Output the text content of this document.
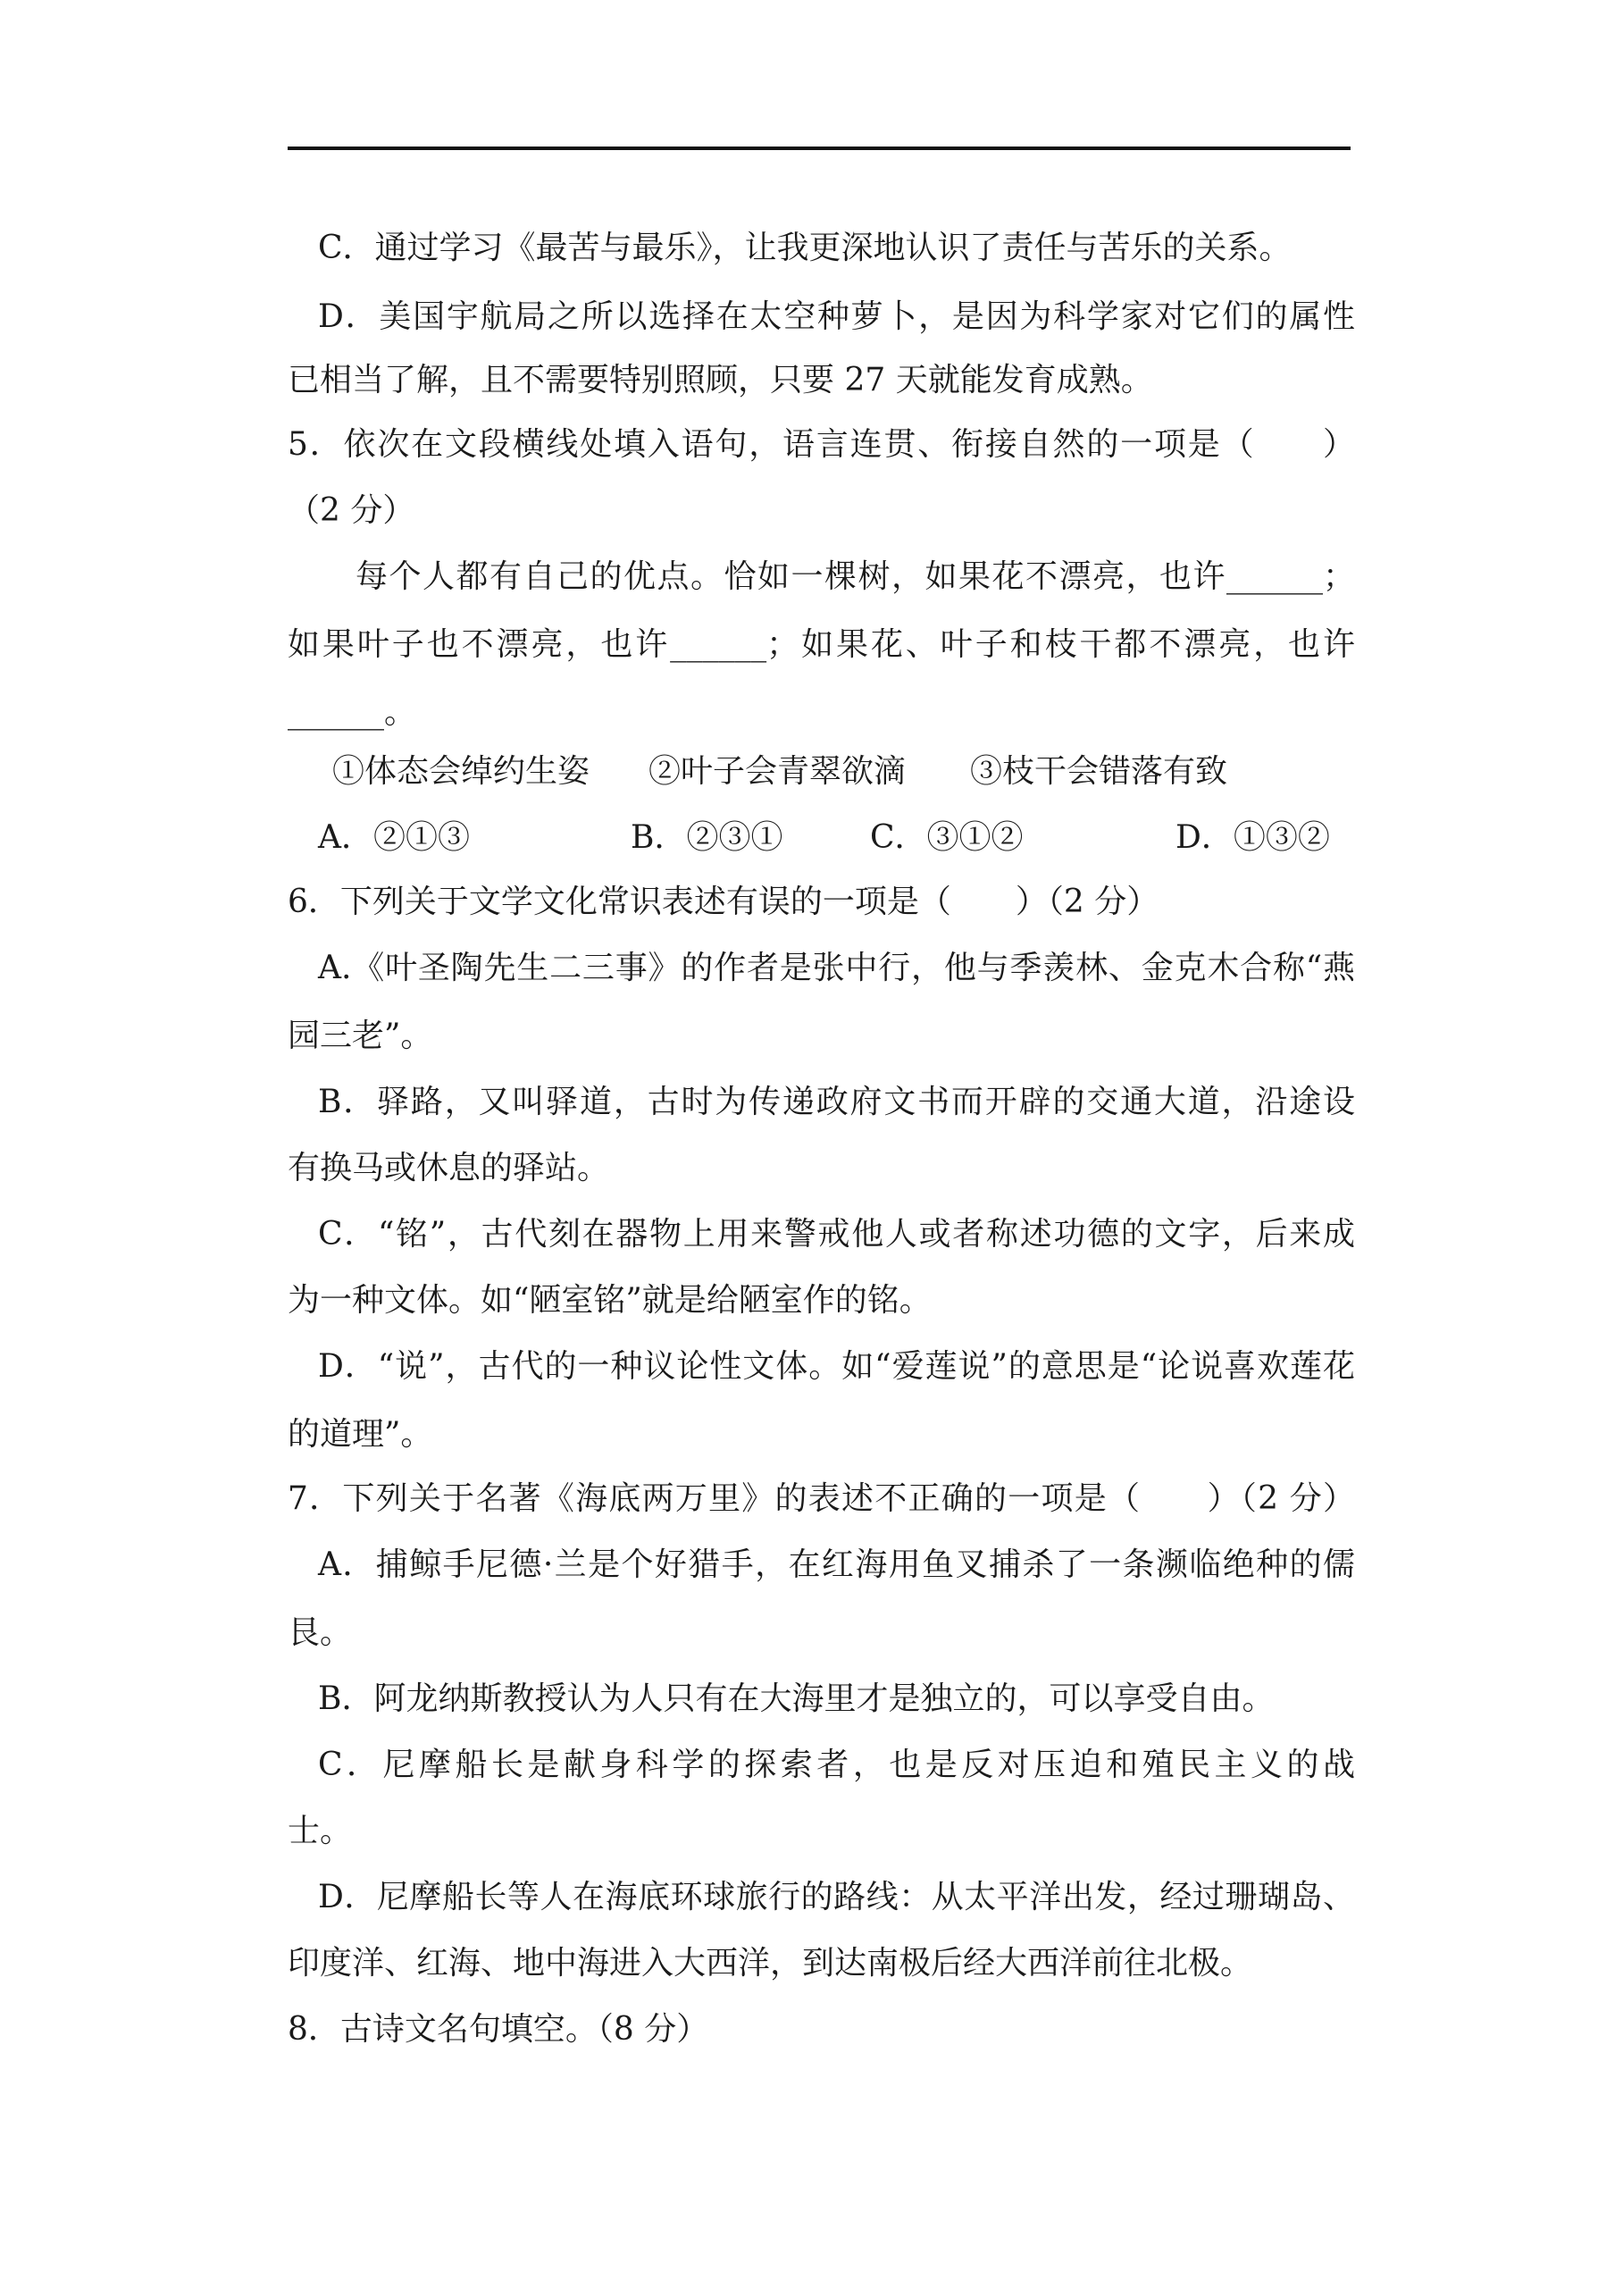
C．通过学习《最苦与最乐》，让我更深地认识了责任与苦乐的关系。

D．美国宇航局之所以选择在太空种萝卜，是因为科学家对它们的属性

已相当了解，且不需要特别照顾，只要 27 天就能发育成熟。

5．依次在文段横线处填入语句，语言连贯、衔接自然的一项是（　　）

（2 分）

每个人都有自己的优点。恰如一棵树，如果花不漂亮，也许______；

如果叶子也不漂亮，也许______；如果花、叶子和枝干都不漂亮，也许

______。

①体态会绰约生姿 ②叶子会青翠欲滴 ③枝干会错落有致
A．②①③	B．②③①	C．③①②	D．①③②

6．下列关于文学文化常识表述有误的一项是（　　）（2 分）

A.《叶圣陶先生二三事》的作者是张中行，他与季羡林、金克木合称“燕

园三老”。

B．驿路，又叫驿道，古时为传递政府文书而开辟的交通大道，沿途设

有换马或休息的驿站。

C．“铭”，古代刻在器物上用来警戒他人或者称述功德的文字，后来成

为一种文体。如“陋室铭”就是给陋室作的铭。

D．“说”，古代的一种议论性文体。如“爱莲说”的意思是“论说喜欢莲花

的道理”。

7．下列关于名著《海底两万里》的表述不正确的一项是（　　）（2 分）

A．捕鲸手尼德·兰是个好猎手，在红海用鱼叉捕杀了一条濒临绝种的儒

艮。

B．阿龙纳斯教授认为人只有在大海里才是独立的，可以享受自由。

C．尼摩船长是献身科学的探索者，也是反对压迫和殖民主义的战

士。

D．尼摩船长等人在海底环球旅行的路线：从太平洋出发，经过珊瑚岛、

印度洋、红海、地中海进入大西洋，到达南极后经大西洋前往北极。

8．古诗文名句填空。（8 分）
